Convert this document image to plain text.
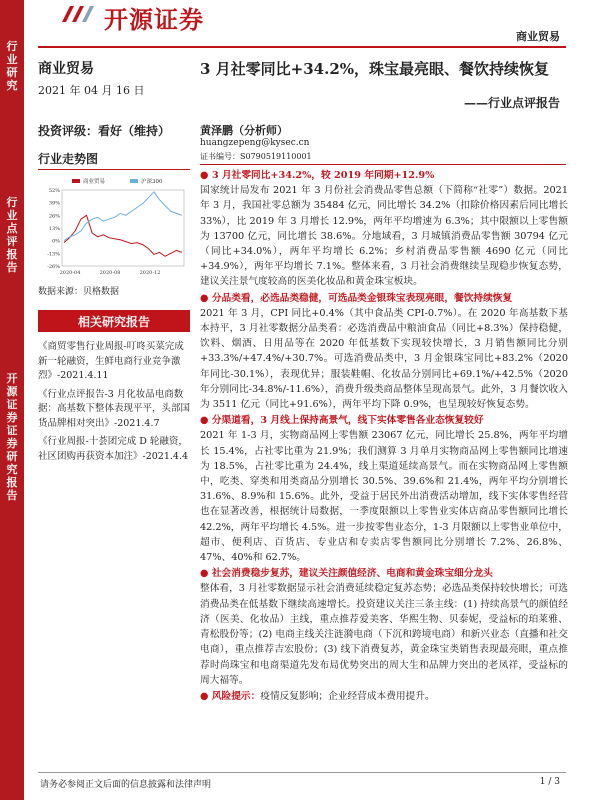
行业研究
行业点评报告
开源证券 证券研究报告
开源证券
商业贸易
商业贸易
2021 年 04 月 16 日
投资评级：看好（维持）
行业走势图
52%
39%
26%
13%
0%
-13%
-26%
2020-04	2020-08	2020-12
商业贸易	沪深300
数据来源：贝格数据
相关研究报告

《商贸零售行业周报-叮咚买菜完成新一轮融资，生鲜电商行业竞争激烈》-2021.4.11

《行业点评报告-3 月化妆品电商数据：高基数下整体表现平平，头部国货品牌相对突出》-2021.4.7

《行业周报-十荟团完成 D 轮融资，社区团购再获资本加注》-2021.4.4

3 月社零同比+34.2%，珠宝最亮眼、餐饮持续恢复
——行业点评报告
黄泽鹏（分析师）
huangzepeng@kysec.cn
证书编号：S0790519110001

● 3 月社零同比+34.2%，较 2019 年同期+12.9%

国家统计局发布 2021 年 3 月份社会消费品零售总额（下简称“社零”）数据。2021 年 3 月，我国社零总额为 35484 亿元，同比增长 34.2%（扣除价格因素后同比增长 33%），比 2019 年 3 月增长 12.9%，两年平均增速为 6.3%；其中限额以上零售额为 13700 亿元，同比增长 38.6%。分地域看，3 月城镇消费品零售额 30794 亿元（同比+34.0%），两年平均增长 6.2%；乡村消费品零售额 4690 亿元（同比+34.9%），两年平均增长 7.1%。整体来看，3 月社会消费继续呈现稳步恢复态势，建议关注景气度较高的医美化妆品和黄金珠宝板块。

● 分品类看，必选品类稳健，可选品类金银珠宝表现亮眼，餐饮持续恢复

2021 年 3 月，CPI 同比+0.4%（其中食品类 CPI-0.7%）。在 2020 年高基数下基本持平，3 月社零数据分品类看：必选消费品中粮油食品（同比+8.3%）保持稳健，饮料、烟酒、日用品等在 2020 年低基数下实现较快增长，3 月销售额同比分别+33.3%/+47.4%/+30.7%。可选消费品类中，3 月金银珠宝同比+83.2%（2020 年同比-30.1%），表现优异；服装鞋帽、化妆品分别同比+69.1%/+42.5%（2020 年分别同比-34.8%/-11.6%），消费升级类商品整体呈现高景气。此外，3 月餐饮收入为 3511 亿元（同比+91.6%），两年平均下降 0.9%，也呈现较好恢复态势。

● 分渠道看，3 月线上保持高景气，线下实体零售各业态恢复较好

2021 年 1-3 月，实物商品网上零售额 23067 亿元，同比增长 25.8%，两年平均增长 15.4%，占社零比重为 21.9%；我们测算 3 月单月实物商品网上零售额同比增速为 18.5%，占社零比重为 24.4%，线上渠道延续高景气。而在实物商品网上零售额中，吃类、穿类和用类商品分别增长 30.5%、39.6%和 21.4%，两年平均分别增长 31.6%、8.9%和 15.6%。此外，受益于居民外出消费活动增加，线下实体零售经营也在显著改善，根据统计局数据，一季度限额以上零售业实体店商品零售额同比增长 42.2%，两年平均增长 4.5%。进一步按零售业态分，1-3 月限额以上零售业单位中，超市、便利店、百货店、专业店和专卖店零售额同比分别增长 7.2%、26.8%、47%、40%和 62.7%。

● 社会消费稳步复苏，建议关注颜值经济、电商和黄金珠宝细分龙头

整体看，3 月社零数据显示社会消费延续稳定复苏态势；必选品类保持较快增长；可选消费品类在低基数下继续高速增长。投资建议关注三条主线：(1) 持续高景气的颜值经济（医美、化妆品）主线，重点推荐爱美客、华熙生物、贝泰妮，受益标的珀莱雅、青松股份等；(2) 电商主线关注涟漪电商（下沉和跨境电商）和新兴业态（直播和社交电商），重点推荐吉宏股份；(3) 线下消费复苏，黄金珠宝类销售表现最亮眼，重点推荐时尚珠宝和电商渠道先发布局优势突出的周大生和品牌力突出的老凤祥，受益标的周大福等。

● 风险提示：疫情反复影响；企业经营成本费用提升。

请务必参阅正文后面的信息披露和法律声明	1 / 3
